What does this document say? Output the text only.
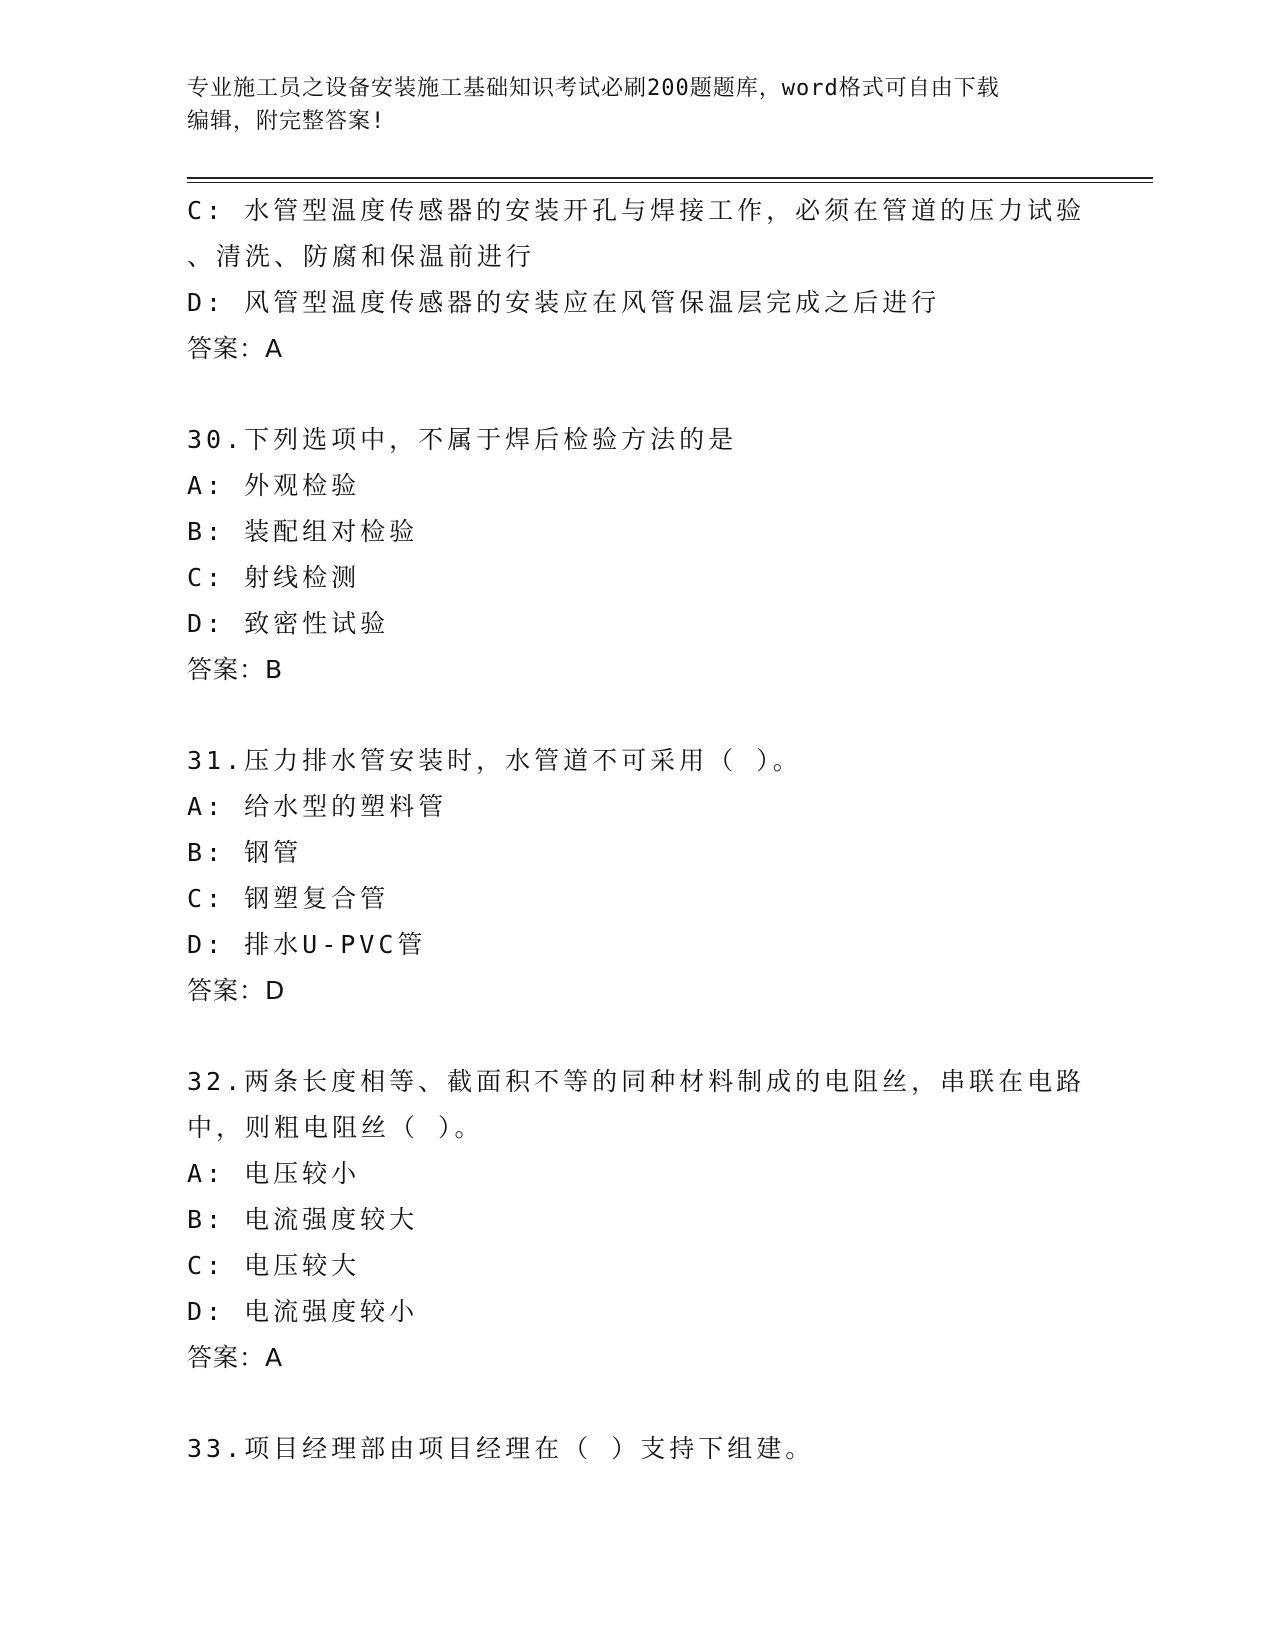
专业施工员之设备安装施工基础知识考试必刷200题题库，word格式可自由下载
编辑，附完整答案!
C: 水管型温度传感器的安装开孔与焊接工作，必须在管道的压力试验
、清洗、防腐和保温前进行
D: 风管型温度传感器的安装应在风管保温层完成之后进行
答案：A
30.下列选项中，不属于焊后检验方法的是
A: 外观检验
B: 装配组对检验
C: 射线检测
D: 致密性试验
答案：B
31.压力排水管安装时，水管道不可采用（ ）。
A: 给水型的塑料管
B: 钢管
C: 钢塑复合管
D: 排水U-PVC管
答案：D
32.两条长度相等、截面积不等的同种材料制成的电阻丝，串联在电路
中，则粗电阻丝（ ）。
A: 电压较小
B: 电流强度较大
C: 电压较大
D: 电流强度较小
答案：A
33.项目经理部由项目经理在（ ）支持下组建。
